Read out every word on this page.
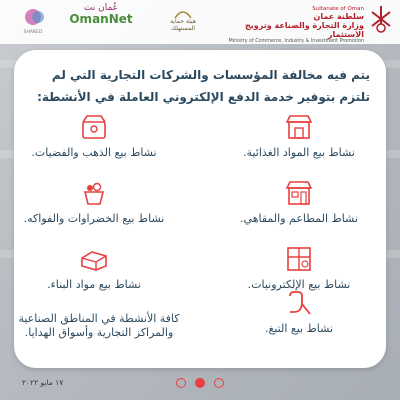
SHARED
عُمان نت
OmanNet	هيئة حماية المستهلك
Sultanate of Oman
سلطنة عمان
وزارة التجارة والصناعة وترويج الاستثمار
Ministry of Commerce, Industry & Investment Promotion
يتم فيه مخالفة المؤسسات والشركات التجارية التي لم تلتزم بتوفير خدمة الدفع الإلكتروني العاملة في الأنشطة:
نشاط بيع الذهب والفضيات.
نشاط بيع الخضراوات والفواكه.
نشاط بيع مواد البناء.
كافة الأنشطة في المناطق الصناعية والمراكز التجارية وأسواق الهدايا.
نشاط بيع المواد الغذائية.
نشاط المطاعم والمقاهي.
نشاط بيع الإلكترونيات.
نشاط بيع التبغ.
١٧ مايو ٢٠٢٢
